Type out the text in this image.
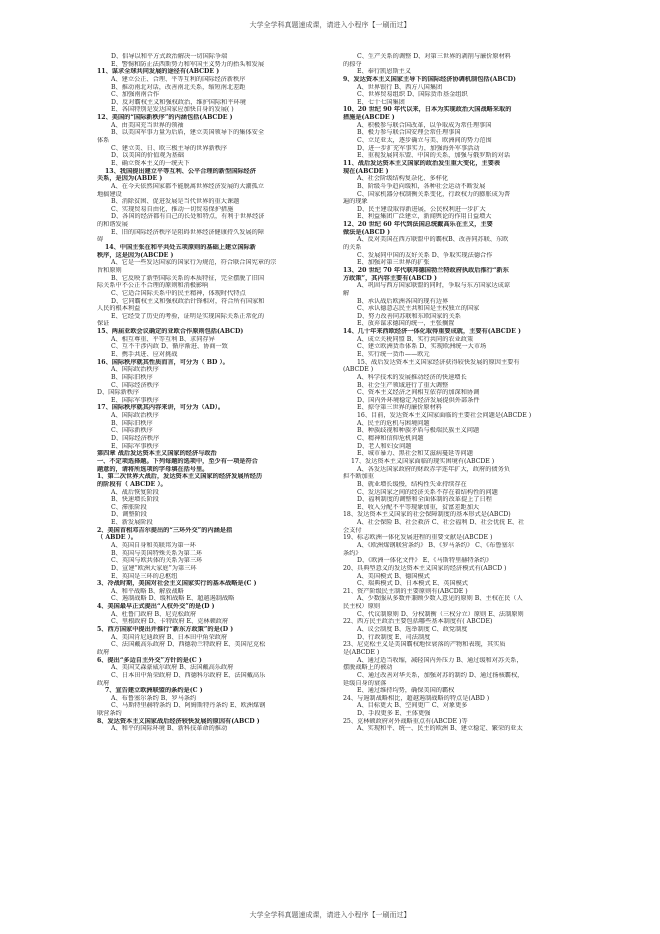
大学全学科真题速成课，请进入小程序【一刷而过】
D、倡导以和平方式政治解决一切国际争端
E、警惕和防止法西斯势力和军国主义势力的抬头和发展
11、谋求全球共同发展的途径有(ABCDE )
A、建立公正、合理、平等互利的国际经济新秩序
B、推动南北对话，改善南北关系，缩短南北差距
C、加强南南合作
D、反对霸权主义和强权政治，维护国际和平环境
E、各国特别是发达国家应加快自身的发展( )
12、美国的“国际新秩序”的内涵包括(ABCDE )
A、由美国充当世界的领袖
B、以美国军事力量为后盾，建立美国领导下的集体安全
体系
C、建立美、日、欧三极主导的世界新秩序
D、以美国的价值观为基础
E、确立资本主义的一统天下
13、我国提出建立平等互利、公平合理的新型国际经济
关系，是因为(ABDE )
A、在今天依然国家都不能脱离世界经济发展的大潮孤立
地搞建设
B、消除贫困、促进发展是当代世界的重大课题
C、实现贸易自由化，推动一切贸易保护措施
D、各国的经济都有自己的长处和特点，有利于世界经济
的和谐发展
E、旧的国际经济秩序是阻碍世界经济健康持久发展的障
碍
14、中国主张在和平共处五项原则的基础上建立国际新
秩序，这是因为(ABCDE )
A、它是一些发达国家的国家行为规范，符合联合国宪章的宗
旨和原则
B、它反映了新型国际关系的本质特征，完全摆脱了旧国
际关系中不公正不合理的原则和消极影响
C、它适合国际关系中的民主精神，体现时代特点
D、它同霸权主义和强权政治针锋相对，符合所有国家和
人民的根本利益
E、它经受了历史的考验，证明是实现国际关系正常化的
保证
15、两届亚欧会议确定的亚欧合作原则包括(ABCD)
A、相互尊重、平等互利 B、求同存异
C、互不干涉内政 D、循序渐进、协商一致
E、携手共进、应对挑战
16、国际秩序就其性质而言，可分为（ BD ）。
A、国际政治秩序
B、国际旧秩序
C、国际经济秩序
D、国际新秩序
E、国际军事秩序
17、国际秩序就其内容来讲，可分为（AD）。
A、国际政治秩序
B、国际旧秩序
C、国际新秩序
D、国际经济秩序
E、国际军事秩序
第四章 战后发达资本主义国家的经济与政治
一、不定项选择题。下列每题的选项中，至少有一项是符合
题意的，请将所选项的字母填在括号里。
1、第二次世界大战后，发达资本主义国家的经济发展所经历
的阶段有（ ABCDE ）。
A、战后恢复阶段
B、快速增长阶段
C、滞胀阶段
D、调整阶段
E、新发展阶段
2、美国首相邓吉尔提出的“三环外交”的内涵是指
（ ABDE ）。
A、英国自身和英联邦为第一环
B、英国与美国特殊关系为第二环
C、英国与欧共体的关系为第三环
D、宣建“欧洲大家庭”为第三环
E、英国是三环的总枢纽
3、冷战时期，美国对社会主义国家实行的基本战略是(C )
A、和平战略 B、解放战略
C、遏制战略 D、缓和战略 E、超越遏制战略
4、美国最早正式提出“人权外交”的是(D )
A、杜鲁门政府 B、尼克松政府
C、里根政府 D、卡特政府 E、克林顿政府
5、西方国家中提出并推行“新东方政策”的是(D )
A、美国肯尼迪政府 B、日本田中角荣政府
C、法国戴高乐政府 D、西德勃兰特政府 E、美国尼克松
政府
6、提出“多边自主外交”方针的是(C )
A、美国艾森豪威尔政府 B、法国戴高乐政府
C、日本田中角荣政府 D、西德科尔政府 E、法国戴高乐
政府
7、宣告建立欧洲联盟的条约是(C )
A、布鲁塞尔条约 B、罗马条约
C、马斯特里赫特条约 D、阿姆斯特丹条约 E、欧洲煤钢
联营条约
8、发达资本主义国家战后经济较快发展的原因有(ABCD )
A、和平的国际环境 B、新科技革命的推动
C、生产关系的调整 D、对第三世界的剥削与廉价原材料
的掠夺
E、奉行凯恩斯主义
9、发达资本主义国家主导下的国际经济协调机制包括(ABCD)
A、世界银行 B、西方八国集团
C、世界贸易组织 D、国际货币基金组织
E、七十七国集团
10、20 世纪 90 年代以来，日本为实现政治大国战略采取的
措施是(ABCDE )
A、积极参与联合国改革，以争取成为常任理事国
B、极力参与联合国安理会常任理事国
C、立足亚太，逐步确立与美、欧洲间的势力范围
D、进一步扩充军事实力，加强海外军事活动
E、重视发展同东盟、中国的关系，加强与俄罗斯的对话
11、战后发达资本主义国家的政治发生重大变化，主要表
现在(ABCDE )
A、社会阶级结构复杂化、多样化
B、阶级斗争趋向缓和，各种社会运动不断发展
C、国家机器分权制衡关系变化，行政权力的膨胀成为普
遍的现象
D、民主建设取得新进展，公民权利进一步扩大
E、利益集团广泛建立，新闻舆论的作用日益增大
12、20 世纪 60 年代到法国总统戴高乐在主义，主要
做法是(ABCD )
A、反对美国在西方联盟中的霸权B、改善同苏联、东欧
的关系
C、发展同中国的友好关系 D、争取实现法德合作
E、加强对第三世界的扩张
13、20 世纪 70 年代联邦德国勃兰特政府执政后推行“新东
方政策”，其内容主要有(ABCD )
A、巩固与西方国家联盟的同时，争取与东方国家达成谅
解
B、承认战后欧洲各国的现有边界
C、承认德意志民主共和国是主权独立的国家
D、努力改善同苏联和东欧国家的关系
E、放弃谋求德国的统一，主张搁置
14、几十年来西欧经济一体化取得重要成就，主要有(ABCDE )
A、成立关税同盟 B、实行共同的农业政策
C、建立欧洲货币体系 D、实现欧洲统一大市场
E、实行统一货币——欧元
15、战后发达资本主义国家经济获得较快发展的原因主要有
(ABCDE )
A、科学技术的发展推动经济的快速增长
B、社会生产领域进行了重大调整
C、资本主义经济之间相互依存的加深和协调
D、国内外环境稳定为经济发展提供外部条件
E、掠夺第三世界的廉价原材料
16、目前，发达资本主义国家面临的主要社会问题是(ABCDE )
A、民主的危机与困境问题
B、种族歧视和种族矛盾与极端民族主义问题
C、精神和信仰危机问题
D、老人和妇女问题
E、城市暴力、黑社会和艾滋病蔓延等问题
17、发达资本主义国家面临的现实困境有(ABCDE )
A、各发达国家政府的财政赤字连年扩大，政府的债务负
担不断加重
B、就业增长缓慢，结构性失业持续存在
C、发达国家之间的经济关系不存在着结构性的问题
D、福利制度的调整和全面体制的改革提上了日程
E、收入分配不平等现象加重，贫富差距加大
18、发达资本主义国家的社会保障制度的基本形式是(ABCD)
A、社会保险 B、社会救济 C、社会福利 D、社会优抚 E、社
会支付
19、标志欧洲一体化发展进程的重要文献是(ABCDE )
A、《欧洲煤钢联营条约》 B、《罗马条约》 C、《布鲁塞尔
条约》
D、《欧洲一体化文件》 E、《马斯特里赫特条约》
20、具典型意义的发达资本主义国家的经济模式有(ABCD )
A、美国模式 B、德国模式
C、瑞典模式 D、日本模式 E、英国模式
21、资产阶级民主制的主要原则有(ABCDE )
A、少数服从多数并兼顾少数人意见的原则 B、主权在民（人
民主权）原则
C、代议制原则 D、分权制衡（三权分立）原则 E、法制原则
22、西方民主政治主要包括哪些基本制度有( ABCDE)
A、议会制度 B、选举制度 C、政党制度
D、行政制度 E、司法制度
23、尼克松主义是美国霸权地位衰落的产物和表现，其实质
是(ABCDE )
A、通过适当收缩，减轻国内外压力 B、通过缓和对苏关系，
摆脱战略上的被动
C、通过改善对华关系，加强对苏的制约 D、通过扬核霸权，
延缓自身的衰落
E、通过维持均势，确保美国的霸权
24、与遏制战略相比，超越遏制战略的特点是(ABD )
A、目标更大 B、空间更广 C、对象更多
D、手段更多 E、主体更强
25、克林顿政府对外战略重点有(ABCDE )等
A、实现和平、统一、民主的欧洲 B、建立稳定、繁荣的亚太
大学全学科真题速成课，请进入小程序【一刷而过】
